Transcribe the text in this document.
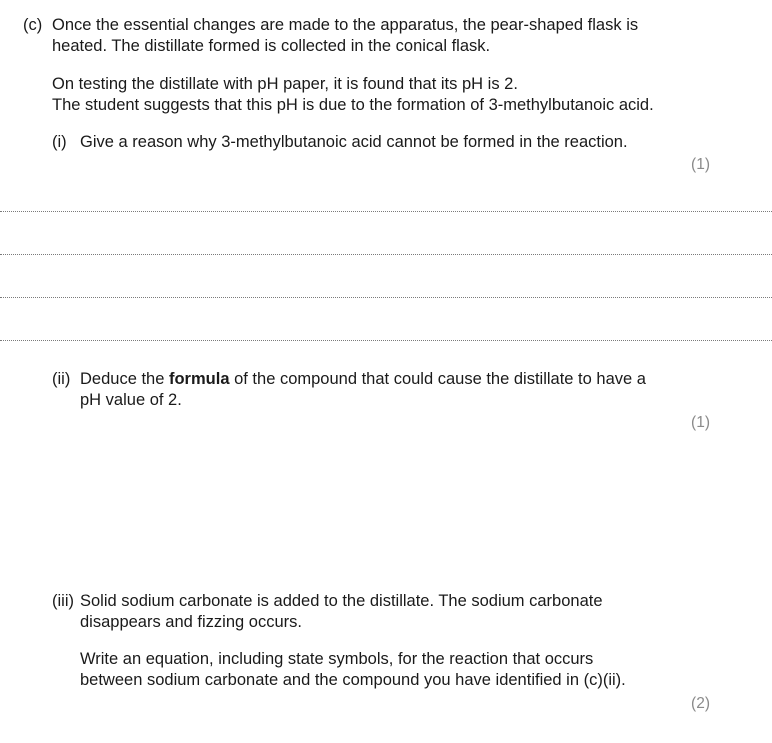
(c) Once the essential changes are made to the apparatus, the pear-shaped flask is
heated. The distillate formed is collected in the conical flask.
On testing the distillate with pH paper, it is found that its pH is 2.
The student suggests that this pH is due to the formation of 3-methylbutanoic acid.
(i) Give a reason why 3-methylbutanoic acid cannot be formed in the reaction.
(1)
(ii) Deduce the formula of the compound that could cause the distillate to have a
pH value of 2.
(1)
(iii) Solid sodium carbonate is added to the distillate. The sodium carbonate
disappears and fizzing occurs.
Write an equation, including state symbols, for the reaction that occurs
between sodium carbonate and the compound you have identified in (c)(ii).
(2)
